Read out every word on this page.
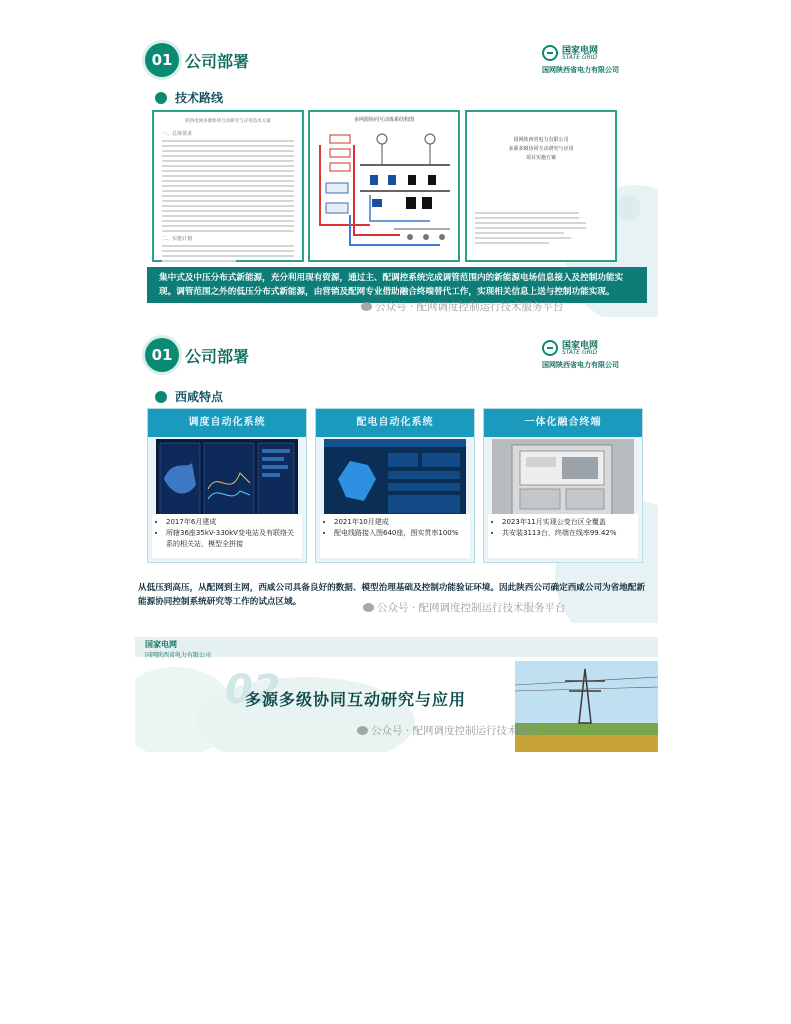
01 公司部署
国家电网
STATE GRID
国网陕西省电力有限公司
技术路线
陕西电网多源协同互动研究与应用技术方案
一、总体要求
二、实施计划
多网源协同互动体系结构图
国网陕西省电力有限公司
多源多级协同互动研究与应用
项目实施方案
集中式及中压分布式新能源，充分利用现有资源，通过主、配调控系统完成调管范围内的新能源电场信息接入及控制功能实现。调管范围之外的低压分布式新能源，由营销及配网专业借助融合终端替代工作，实现相关信息上送与控制功能实现。
公众号 · 配网调度控制运行技术服务平台
01 公司部署
国家电网
STATE GRID
国网陕西省电力有限公司
西咸特点
调度自动化系统
• 2017年6月建成
• 所辖36座35kV-330kV变电站及有联络关系的相关站，模型全拼接
配电自动化系统
• 2021年10月建成
• 配电线路接入图640座，图实贯率100%
一体化融合终端
• 2023年11月实现公变台区全覆盖
• 共安装3113台，终端在线率99.42%
从低压到高压，从配网到主网，西咸公司具备良好的数据、模型治理基础及控制功能验证环境。因此陕西公司确定西咸公司为省地配新能源协同控制系统研究等工作的试点区域。	公众号 · 配网调度控制运行技术服务平台
国家电网
国网陕西省电力有限公司
02
多源多级协同互动研究与应用
公众号 · 配网调度控制运行技术服务平台
